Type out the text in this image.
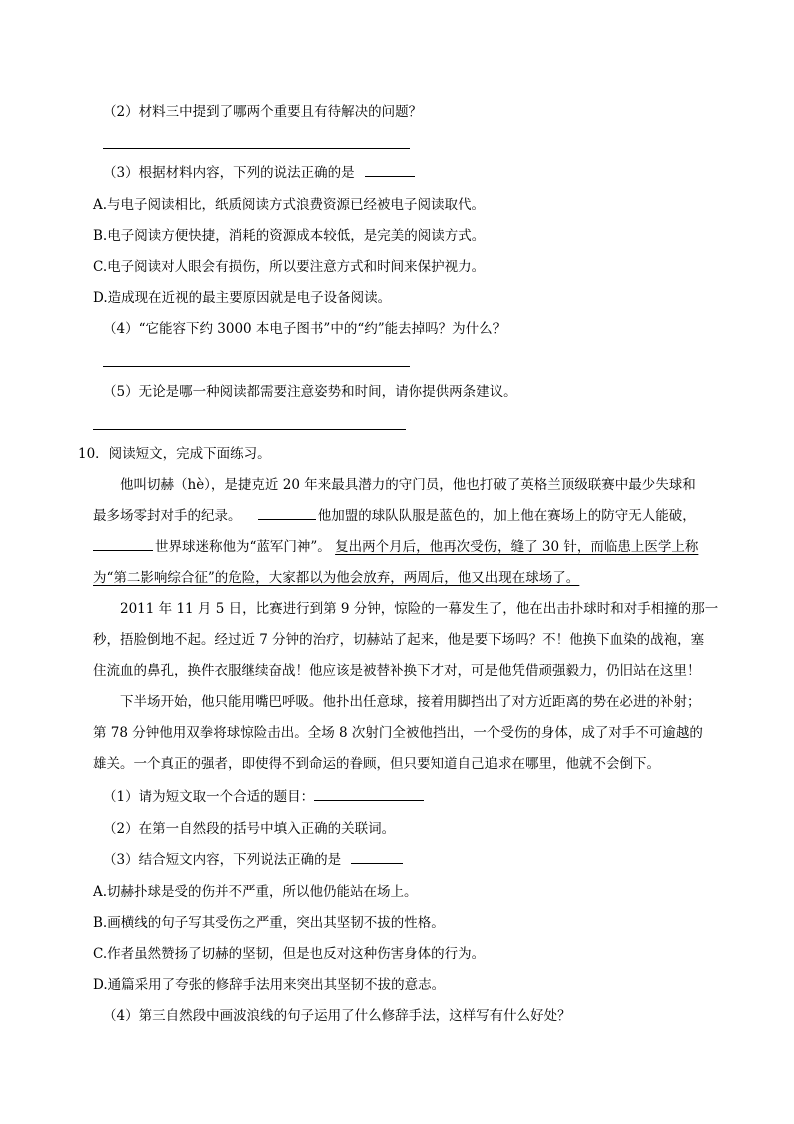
（2）材料三中提到了哪两个重要且有待解决的问题？
（3）根据材料内容，下列的说法正确的是
A.与电子阅读相比，纸质阅读方式浪费资源已经被电子阅读取代。
B.电子阅读方便快捷，消耗的资源成本较低，是完美的阅读方式。
C.电子阅读对人眼会有损伤，所以要注意方式和时间来保护视力。
D.造成现在近视的最主要原因就是电子设备阅读。
（4）“它能容下约 3000 本电子图书”中的“约”能去掉吗？为什么？
（5）无论是哪一种阅读都需要注意姿势和时间，请你提供两条建议。
10．阅读短文，完成下面练习。
他叫切赫（hè），是捷克近 20 年来最具潜力的守门员，他也打破了英格兰顶级联赛中最少失球和
最多场零封对手的纪录。	他加盟的球队队服是蓝色的，加上他在赛场上的防守无人能破，
世界球迷称他为“蓝军门神”。 复出两个月后，他再次受伤，缝了 30 针，而临患上医学上称
为“第二影响综合征”的危险，大家都以为他会放弃，两周后，他又出现在球场了。
2011 年 11 月 5 日，比赛进行到第 9 分钟，惊险的一幕发生了，他在出击扑球时和对手相撞的那一
秒，捂脸倒地不起。经过近 7 分钟的治疗，切赫站了起来，他是要下场吗？不！他换下血染的战袍，塞
住流血的鼻孔，换件衣服继续奋战！他应该是被替补换下才对，可是他凭借顽强毅力，仍旧站在这里！
下半场开始，他只能用嘴巴呼吸。他扑出任意球，接着用脚挡出了对方近距离的势在必进的补射；
第 78 分钟他用双拳将球惊险击出。全场 8 次射门全被他挡出，一个受伤的身体，成了对手不可逾越的
雄关。一个真正的强者，即使得不到命运的眷顾，但只要知道自己追求在哪里，他就不会倒下。
（1）请为短文取一个合适的题目：
（2）在第一自然段的括号中填入正确的关联词。
（3）结合短文内容，下列说法正确的是
A.切赫扑球是受的伤并不严重，所以他仍能站在场上。
B.画横线的句子写其受伤之严重，突出其坚韧不拔的性格。
C.作者虽然赞扬了切赫的坚韧，但是也反对这种伤害身体的行为。
D.通篇采用了夸张的修辞手法用来突出其坚韧不拔的意志。
（4）第三自然段中画波浪线的句子运用了什么修辞手法，这样写有什么好处？
